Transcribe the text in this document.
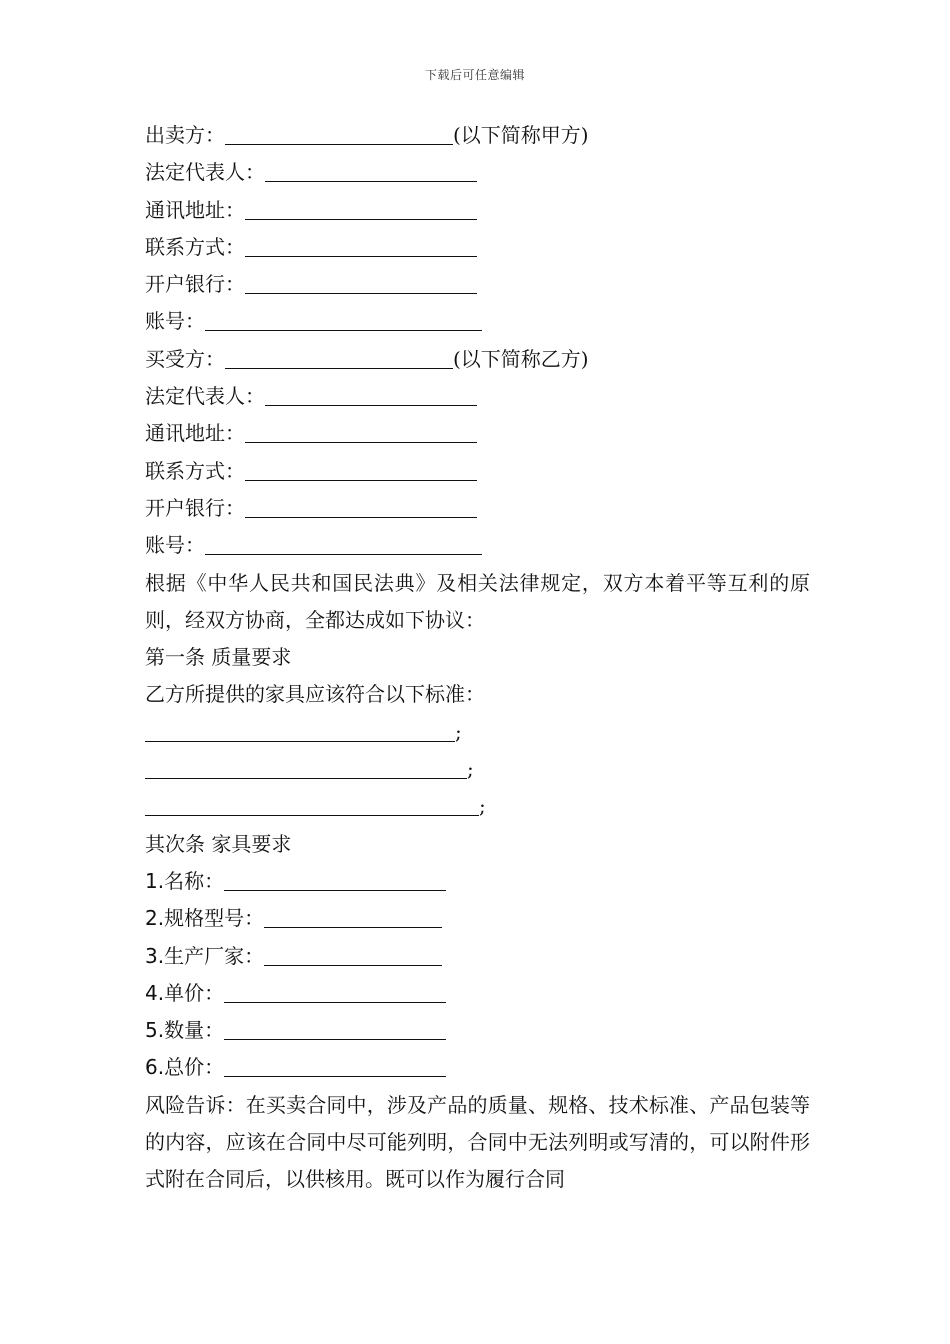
下载后可任意编辑
出卖方：	(以下简称甲方)
法定代表人：
通讯地址：
联系方式：
开户银行：
账号：
买受方：	(以下简称乙方)
法定代表人：
通讯地址：
联系方式：
开户银行：
账号：
根据《中华人民共和国民法典》及相关法律规定，双方本着平等互利的原则，经双方协商，全都达成如下协议：
第一条 质量要求
乙方所提供的家具应该符合以下标准：
;
;
;
其次条 家具要求
1.名称：
2.规格型号：
3.生产厂家：
4.单价：
5.数量：
6.总价：
风险告诉：在买卖合同中，涉及产品的质量、规格、技术标准、产品包装等的内容，应该在合同中尽可能列明，合同中无法列明或写清的，可以附件形式附在合同后，以供核用。既可以作为履行合同
